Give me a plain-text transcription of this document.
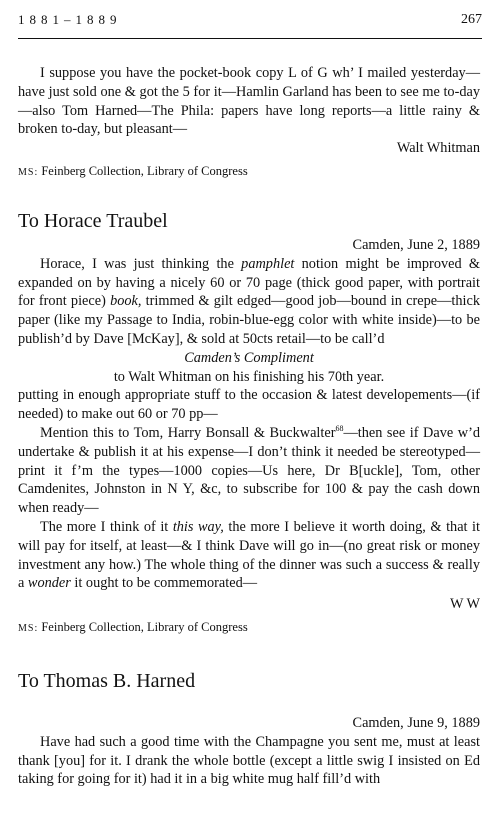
1881–1889	267

I suppose you have the pocket-book copy L of G wh’ I mailed yesterday—have just sold one & got the 5 for it—Hamlin Garland has been to see me to-day—also Tom Harned—The Phila: papers have long reports—a little rainy & broken to-day, but pleasant—

Walt Whitman

MS: Feinberg Collection, Library of Congress

To Horace Traubel

Camden, June 2, 1889

Horace, I was just thinking the pamphlet notion might be improved & expanded on by having a nicely 60 or 70 page (thick good paper, with portrait for front piece) book, trimmed & gilt edged—good job—bound in crepe—thick paper (like my Passage to India, robin-blue-egg color with white inside)—to be publish’d by Dave [McKay], & sold at 50cts retail—to be call’d

Camden’s Compliment

to Walt Whitman on his finishing his 70th year.

putting in enough appropriate stuff to the occasion & latest developements—(if needed) to make out 60 or 70 pp—

Mention this to Tom, Harry Bonsall & Buckwalter$^{68}$—then see if Dave w’d undertake & publish it at his expense—I don’t think it needed be stereotyped—print it f’m the types—1000 copies—Us here, Dr B[uckle], Tom, other Camdenites, Johnston in N Y, &c, to subscribe for 100 & pay the cash down when ready—

The more I think of it this way, the more I believe it worth doing, & that it will pay for itself, at least—& I think Dave will go in—(no great risk or money investment any how.) The whole thing of the dinner was such a success & really a wonder it ought to be commemorated—

W W

MS: Feinberg Collection, Library of Congress

To Thomas B. Harned

Camden, June 9, 1889

Have had such a good time with the Champagne you sent me, must at least thank [you] for it. I drank the whole bottle (except a little swig I insisted on Ed taking for going for it) had it in a big white mug half fill’d with
